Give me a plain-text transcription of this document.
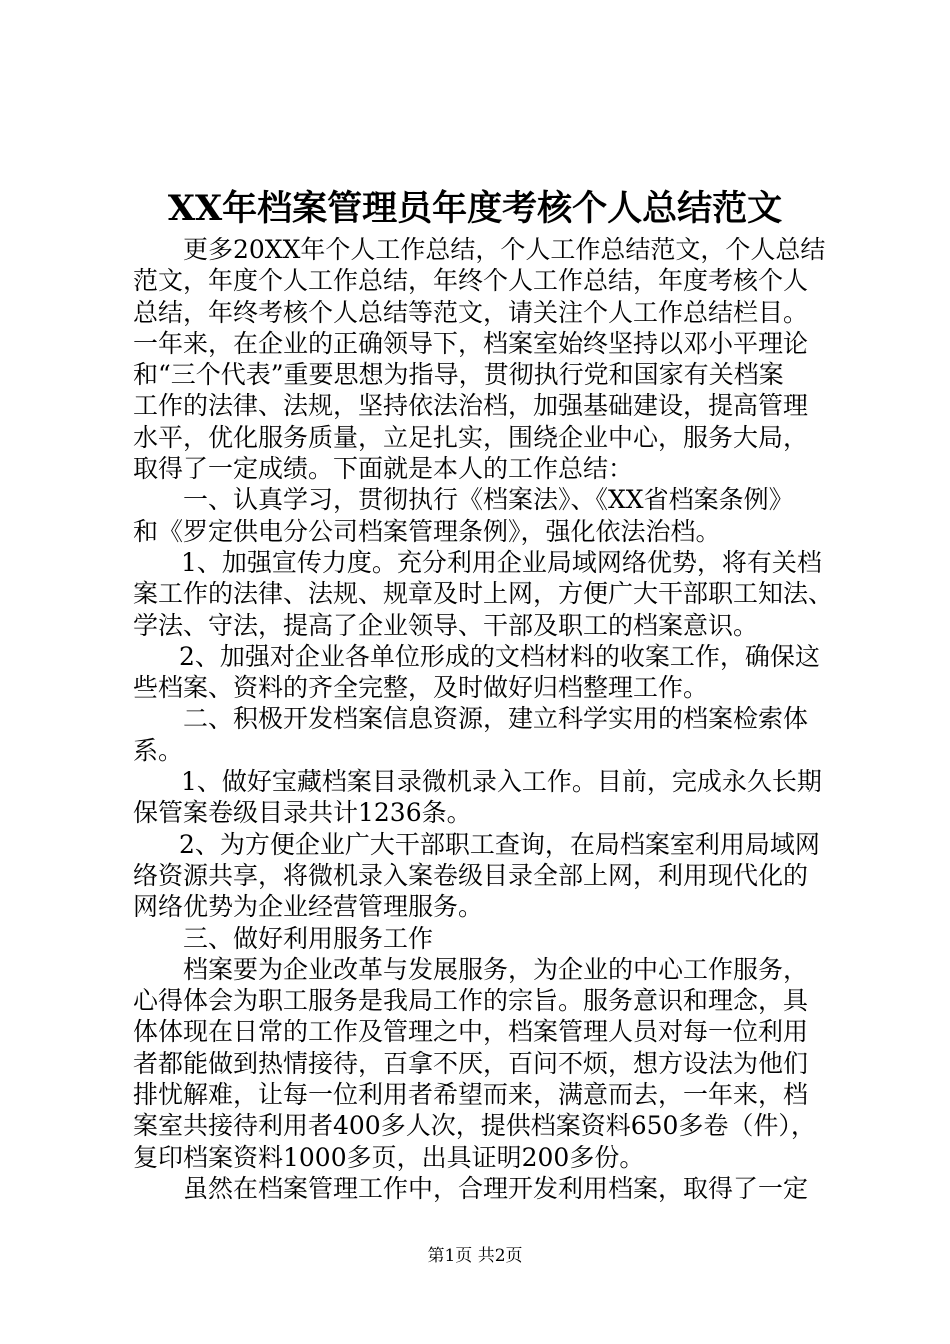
XX年档案管理员年度考核个人总结范文
更多20XX年个人工作总结，个人工作总结范文，个人总结
范文，年度个人工作总结，年终个人工作总结，年度考核个人
总结，年终考核个人总结等范文，请关注个人工作总结栏目。
一年来，在企业的正确领导下，档案室始终坚持以邓小平理论
和“三个代表”重要思想为指导，贯彻执行党和国家有关档案
工作的法律、法规，坚持依法治档，加强基础建设，提高管理
水平，优化服务质量，立足扎实，围绕企业中心，服务大局，
取得了一定成绩。下面就是本人的工作总结：
一、认真学习，贯彻执行《档案法》、《XX省档案条例》
和《罗定供电分公司档案管理条例》，强化依法治档。
1、加强宣传力度。充分利用企业局域网络优势，将有关档
案工作的法律、法规、规章及时上网，方便广大干部职工知法、
学法、守法，提高了企业领导、干部及职工的档案意识。
2、加强对企业各单位形成的文档材料的收案工作，确保这
些档案、资料的齐全完整，及时做好归档整理工作。
二、积极开发档案信息资源，建立科学实用的档案检索体
系。
1、做好宝藏档案目录微机录入工作。目前，完成永久长期
保管案卷级目录共计1236条。
2、为方便企业广大干部职工查询，在局档案室利用局域网
络资源共享，将微机录入案卷级目录全部上网，利用现代化的
网络优势为企业经营管理服务。
三、做好利用服务工作
档案要为企业改革与发展服务，为企业的中心工作服务，
心得体会为职工服务是我局工作的宗旨。服务意识和理念，具
体体现在日常的工作及管理之中，档案管理人员对每一位利用
者都能做到热情接待，百拿不厌，百问不烦，想方设法为他们
排忧解难，让每一位利用者希望而来，满意而去，一年来，档
案室共接待利用者400多人次，提供档案资料650多卷（件），
复印档案资料1000多页，出具证明200多份。
虽然在档案管理工作中，合理开发利用档案，取得了一定
第1页 共2页
